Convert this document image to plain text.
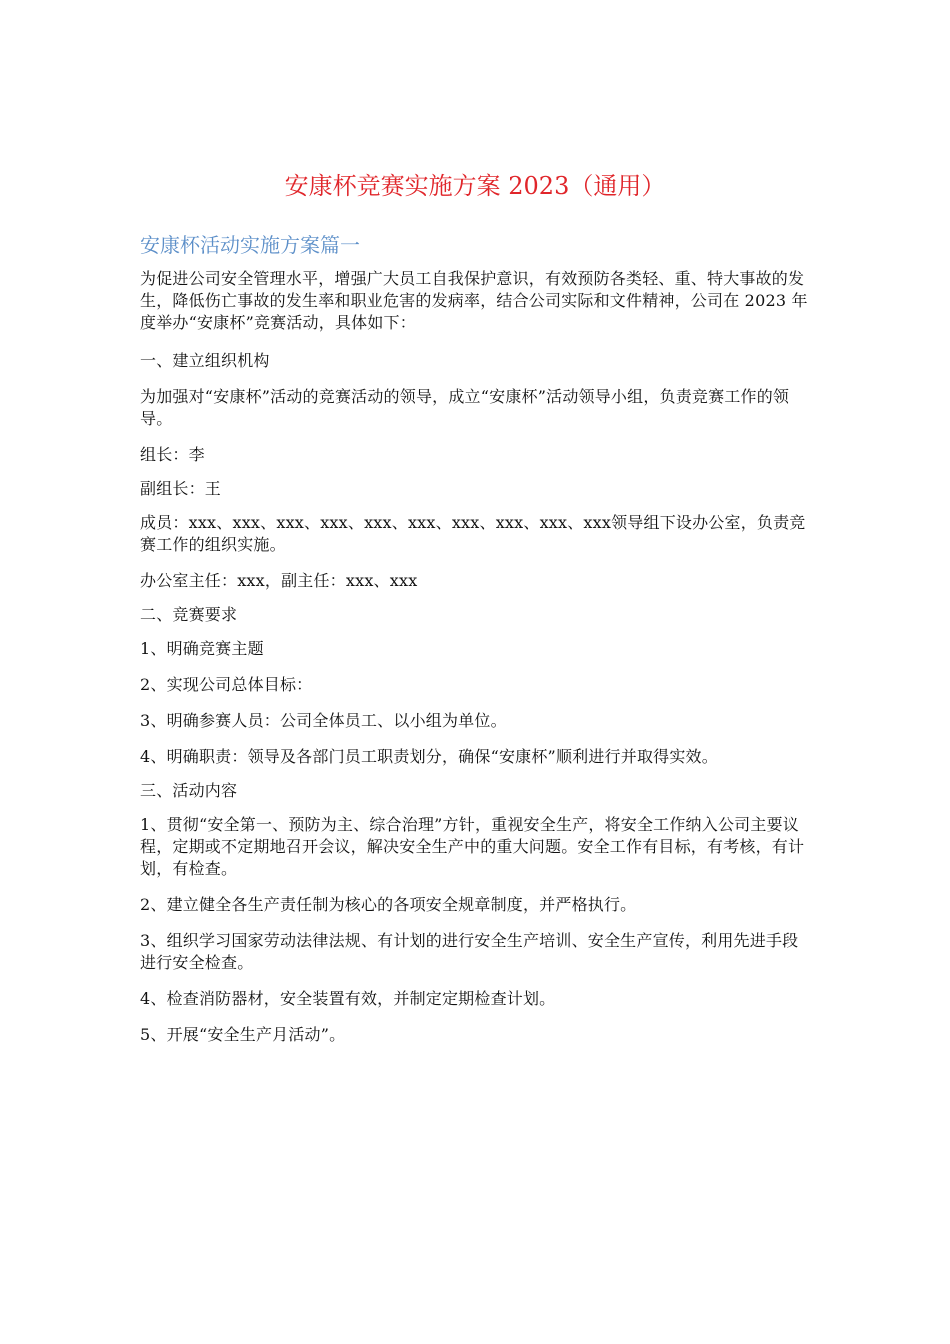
安康杯竞赛实施方案 2023（通用）
安康杯活动实施方案篇一

为促进公司安全管理水平，增强广大员工自我保护意识，有效预防各类轻、重、特大事故的发生，降低伤亡事故的发生率和职业危害的发病率，结合公司实际和文件精神，公司在 2023 年度举办“安康杯”竞赛活动，具体如下：

一、建立组织机构

为加强对“安康杯”活动的竞赛活动的领导，成立“安康杯”活动领导小组，负责竞赛工作的领导。

组长：李

副组长：王

成员：xxx、xxx、xxx、xxx、xxx、xxx、xxx、xxx、xxx、xxx领导组下设办公室，负责竞赛工作的组织实施。

办公室主任：xxx，副主任：xxx、xxx

二、竞赛要求

1、明确竞赛主题

2、实现公司总体目标：

3、明确参赛人员：公司全体员工、以小组为单位。

4、明确职责：领导及各部门员工职责划分，确保“安康杯”顺利进行并取得实效。

三、活动内容

1、贯彻“安全第一、预防为主、综合治理”方针，重视安全生产，将安全工作纳入公司主要议程，定期或不定期地召开会议，解决安全生产中的重大问题。安全工作有目标，有考核，有计划，有检查。

2、建立健全各生产责任制为核心的各项安全规章制度，并严格执行。

3、组织学习国家劳动法律法规、有计划的进行安全生产培训、安全生产宣传，利用先进手段进行安全检查。

4、检查消防器材，安全装置有效，并制定定期检查计划。

5、开展“安全生产月活动”。
